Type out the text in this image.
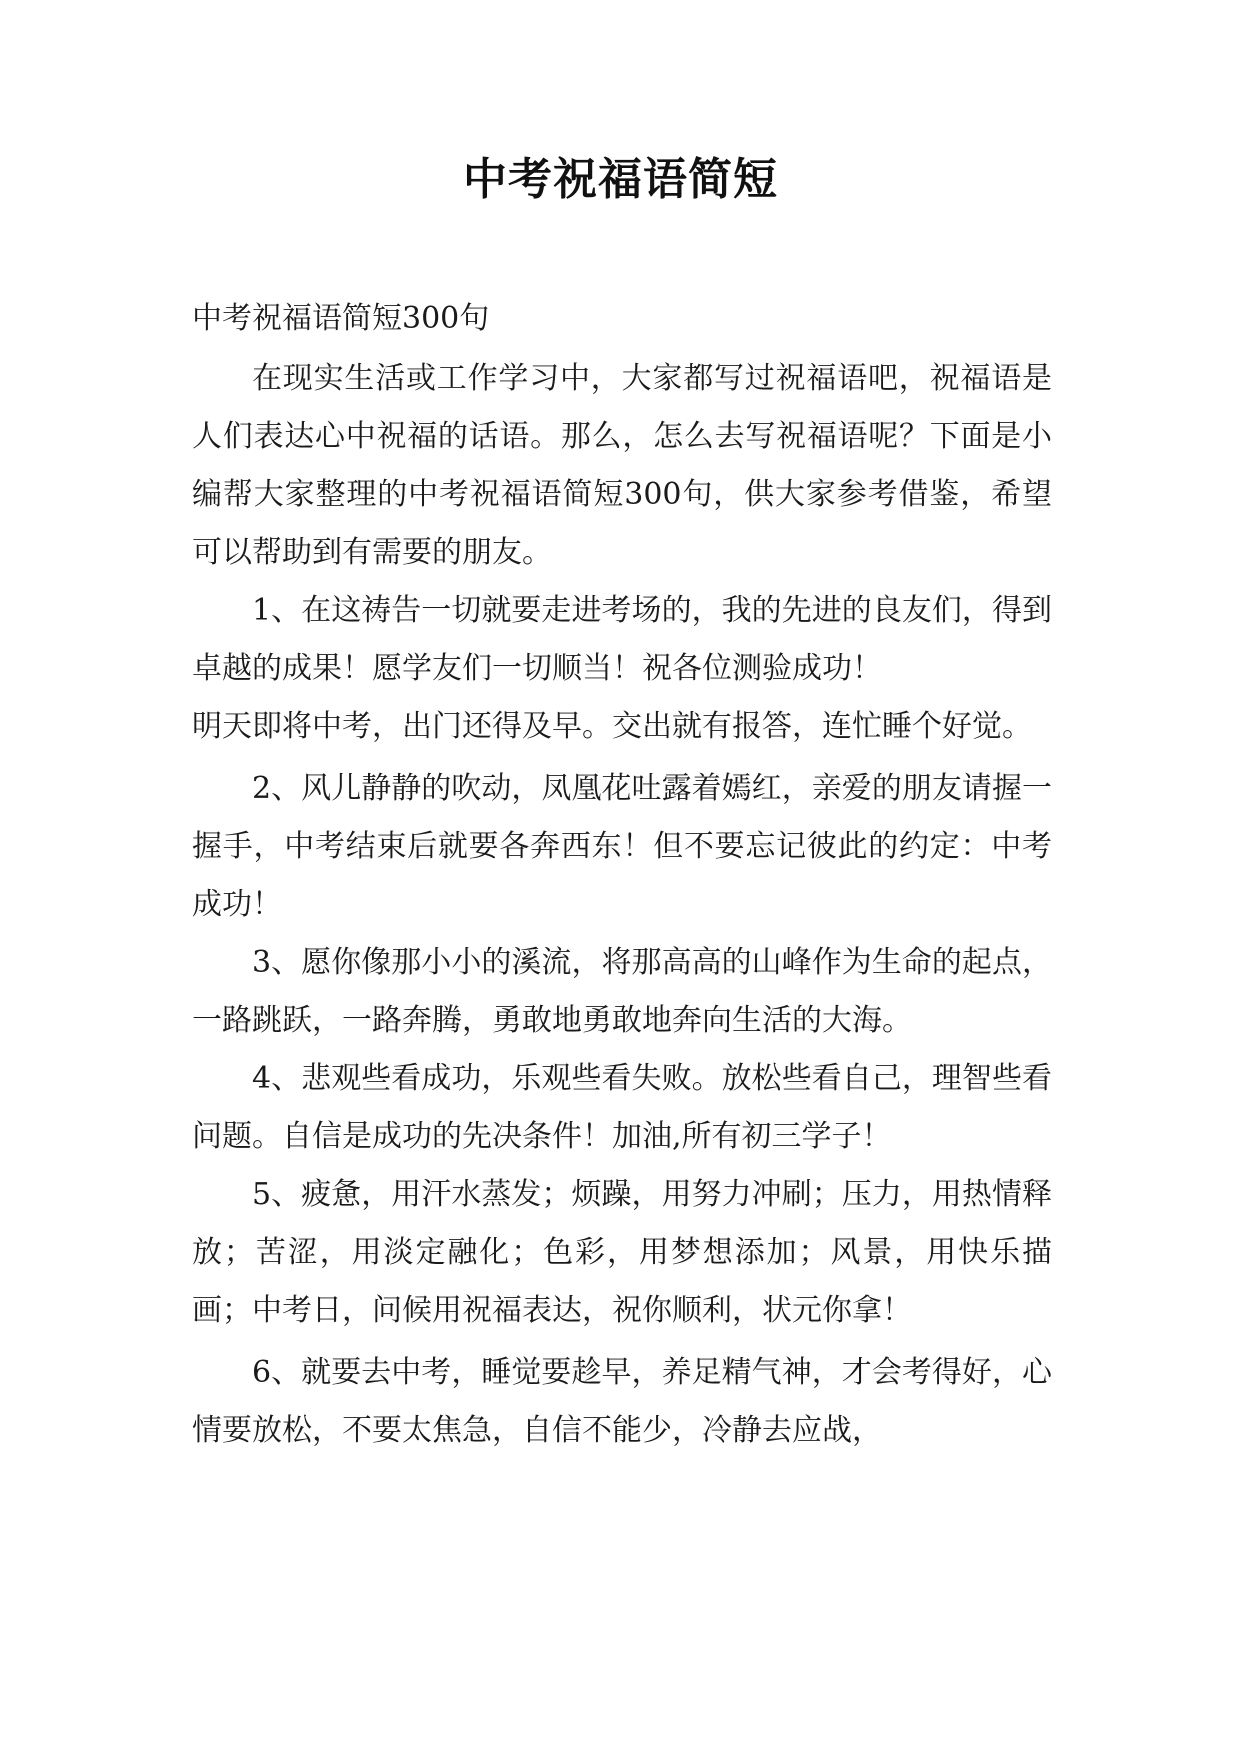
中考祝福语简短

中考祝福语简短300句

在现实生活或工作学习中，大家都写过祝福语吧，祝福语是人们表达心中祝福的话语。那么，怎么去写祝福语呢？下面是小编帮大家整理的中考祝福语简短300句，供大家参考借鉴，希望可以帮助到有需要的朋友。

1、在这祷告一切就要走进考场的，我的先进的良友们，得到卓越的成果！愿学友们一切顺当！祝各位测验成功！

明天即将中考，出门还得及早。交出就有报答，连忙睡个好觉。

2、风儿静静的吹动，凤凰花吐露着嫣红，亲爱的朋友请握一握手，中考结束后就要各奔西东！但不要忘记彼此的约定：中考成功！

3、愿你像那小小的溪流，将那高高的山峰作为生命的起点，一路跳跃，一路奔腾，勇敢地勇敢地奔向生活的大海。

4、悲观些看成功，乐观些看失败。放松些看自己，理智些看问题。自信是成功的先决条件！加油,所有初三学子！

5、疲惫，用汗水蒸发；烦躁，用努力冲刷；压力，用热情释放；苦涩，用淡定融化；色彩，用梦想添加；风景，用快乐描画；中考日，问候用祝福表达，祝你顺利，状元你拿！

6、就要去中考，睡觉要趁早，养足精气神，才会考得好，心情要放松，不要太焦急，自信不能少，冷静去应战，
